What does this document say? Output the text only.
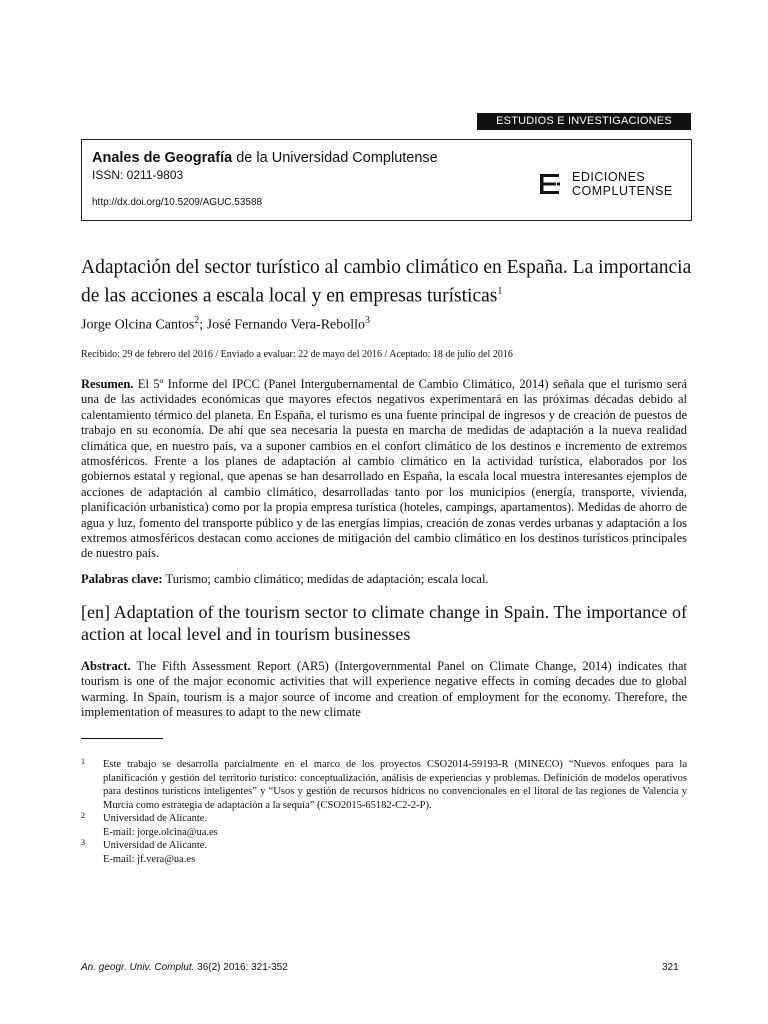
ESTUDIOS E INVESTIGACIONES
Anales de Geografía de la Universidad Complutense
ISSN: 0211-9803
http://dx.doi.org/10.5209/AGUC.53588
EDICIONES
COMPLUTENSE
Adaptación del sector turístico al cambio climático en España. La importancia de las acciones a escala local y en empresas turísticas$^1$
Jorge Olcina Cantos$^2$; José Fernando Vera-Rebollo$^3$
Recibido: 29 de febrero del 2016 / Enviado a evaluar: 22 de mayo del 2016 / Aceptado: 18 de julio del 2016

Resumen. El 5º Informe del IPCC (Panel Intergubernamental de Cambio Climático, 2014) señala que el turismo será una de las actividades económicas que mayores efectos negativos experimentará en las próximas décadas debido al calentamiento térmico del planeta. En España, el turismo es una fuente principal de ingresos y de creación de puestos de trabajo en su economía. De ahí que sea necesaria la puesta en marcha de medidas de adaptación a la nueva realidad climática que, en nuestro país, va a suponer cambios en el confort climático de los destinos e incremento de extremos atmosféricos. Frente a los planes de adaptación al cambio climático en la actividad turística, elaborados por los gobiernos estatal y regional, que apenas se han desarrollado en España, la escala local muestra interesantes ejemplos de acciones de adaptación al cambio climático, desarrolladas tanto por los municipios (energía, transporte, vivienda, planificación urbanística) como por la propia empresa turística (hoteles, campings, apartamentos). Medidas de ahorro de agua y luz, fomento del transporte público y de las energías limpias, creación de zonas verdes urbanas y adaptación a los extremos atmosféricos destacan como acciones de mitigación del cambio climático en los destinos turísticos principales de nuestro país.

Palabras clave: Turismo; cambio climático; medidas de adaptación; escala local.

[en] Adaptation of the tourism sector to climate change in Spain. The importance of action at local level and in tourism businesses

Abstract. The Fifth Assessment Report (AR5) (Intergovernmental Panel on Climate Change, 2014) indicates that tourism is one of the major economic activities that will experience negative effects in coming decades due to global warming. In Spain, tourism is a major source of income and creation of employment for the economy. Therefore, the implementation of measures to adapt to the new climate

1 Este trabajo se desarrolla parcialmente en el marco de los proyectos CSO2014-59193-R (MINECO) “Nuevos enfoques para la planificación y gestión del territorio turístico: conceptualización, análisis de experiencias y problemas. Definición de modelos operativos para destinos turísticos inteligentes” y “Usos y gestión de recursos hídricos no convencionales en el litoral de las regiones de Valencia y Murcia como estrategia de adaptación a la sequía” (CSO2015-65182-C2-2-P).
2 Universidad de Alicante.
E-mail: jorge.olcina@ua.es
3 Universidad de Alicante.
E-mail: jf.vera@ua.es
An. geogr. Univ. Complut. 36(2) 2016: 321-352	321
